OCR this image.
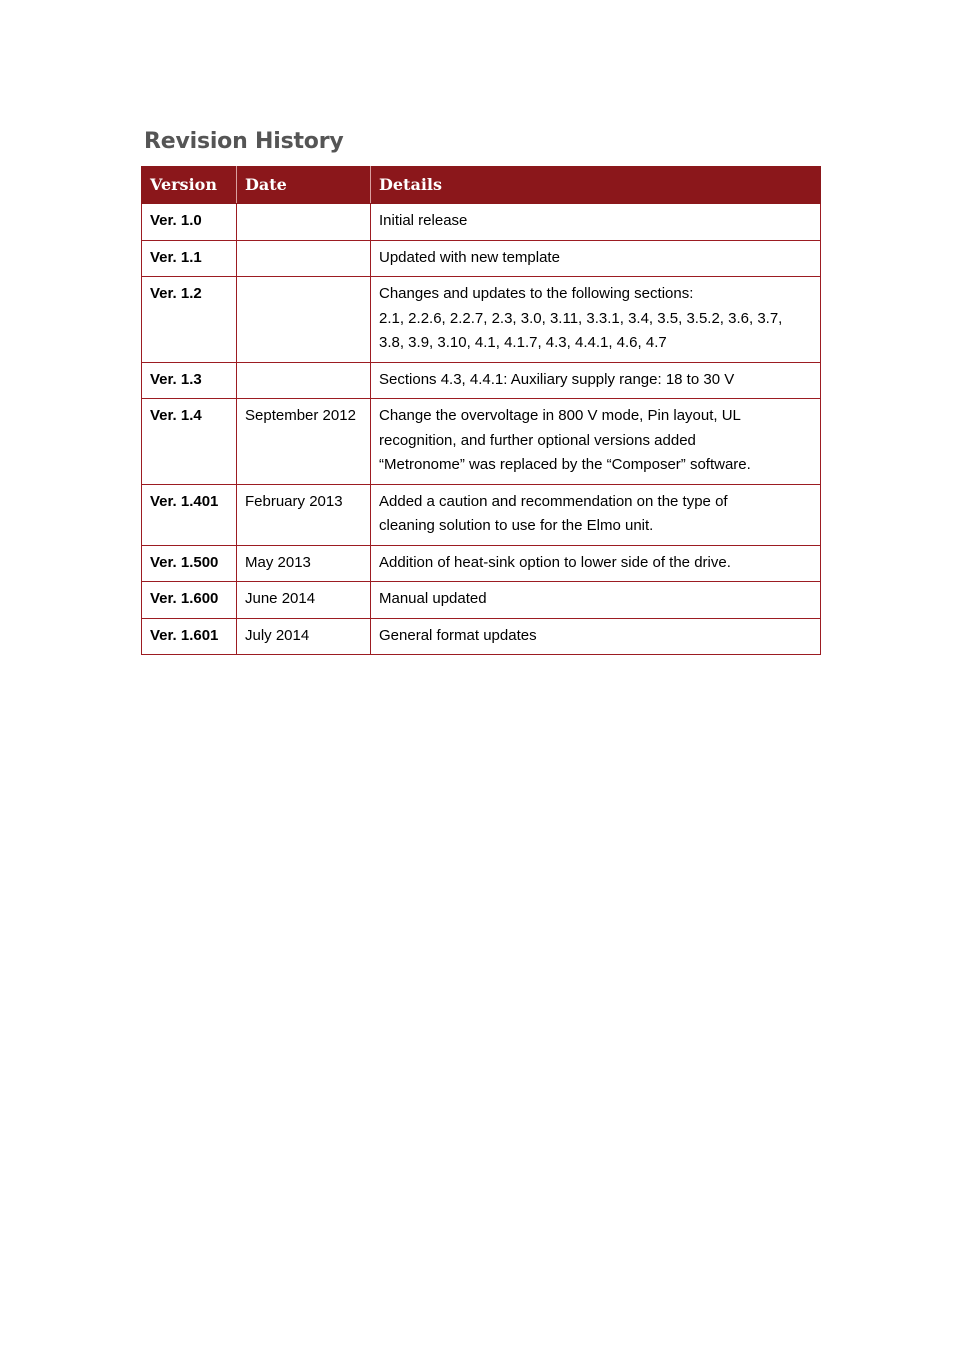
Revision History
Version	Date	Details
Ver. 1.0		Initial release

Ver. 1.1		Updated with new template

Ver. 1.2		Changes and updates to the following sections:
2.1, 2.2.6, 2.2.7, 2.3, 3.0, 3.11, 3.3.1, 3.4, 3.5, 3.5.2, 3.6, 3.7,
3.8, 3.9, 3.10, 4.1, 4.1.7, 4.3, 4.4.1, 4.6, 4.7

Ver. 1.3		Sections 4.3, 4.4.1: Auxiliary supply range: 18 to 30 V

Ver. 1.4	September 2012	Change the overvoltage in 800 V mode, Pin layout, UL
recognition, and further optional versions added
“Metronome” was replaced by the “Composer” software.

Ver. 1.401	February 2013	Added a caution and recommendation on the type of
cleaning solution to use for the Elmo unit.

Ver. 1.500	May 2013	Addition of heat-sink option to lower side of the drive.

Ver. 1.600	June 2014	Manual updated

Ver. 1.601	July 2014	General format updates
